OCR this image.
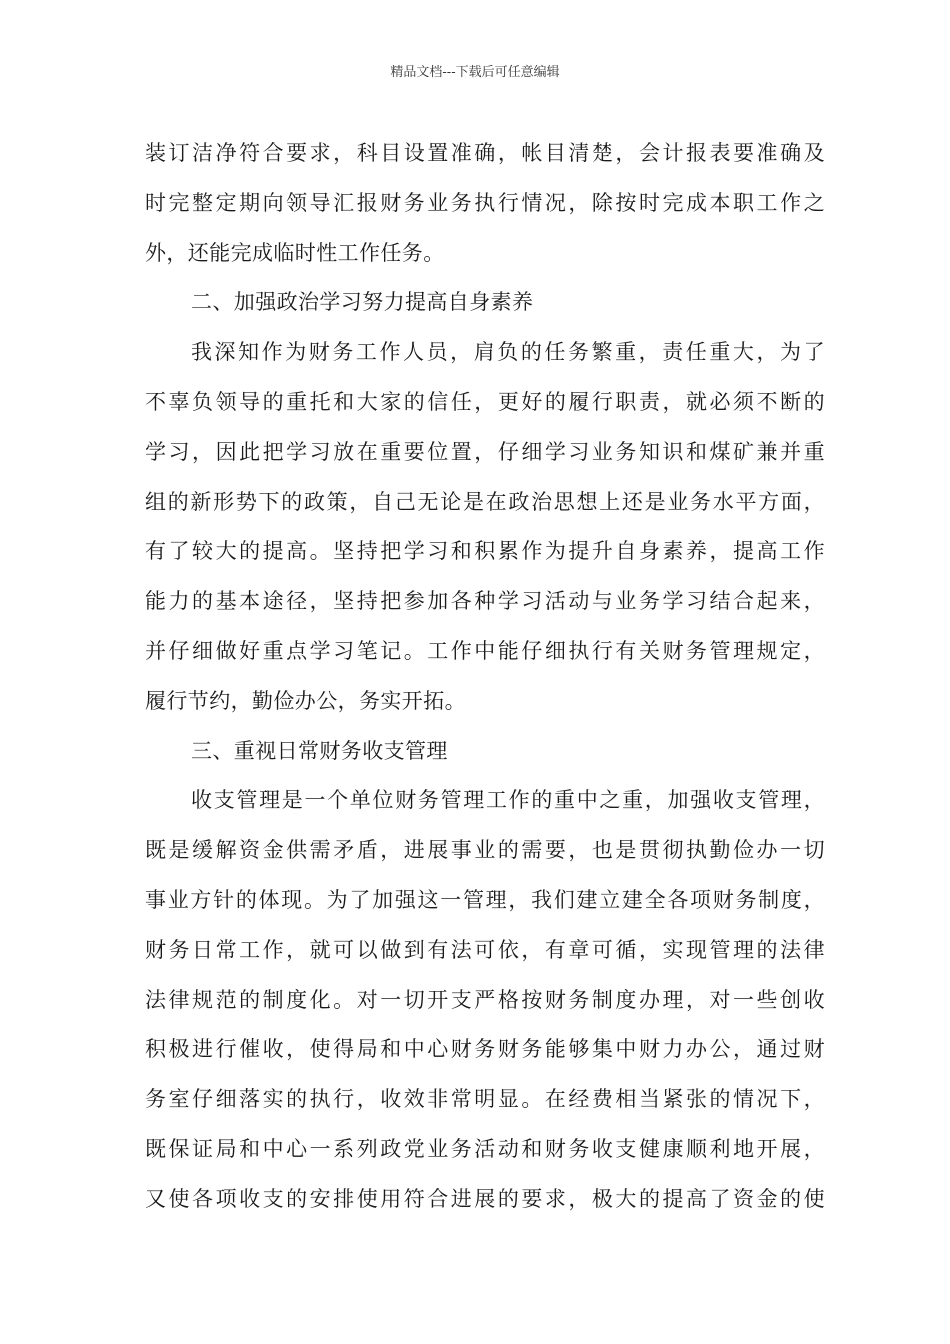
精品文档---下载后可任意编辑
装订洁净符合要求，科目设置准确，帐目清楚，会计报表要准确及
时完整定期向领导汇报财务业务执行情况，除按时完成本职工作之
外，还能完成临时性工作任务。
二、加强政治学习努力提高自身素养
我深知作为财务工作人员，肩负的任务繁重，责任重大，为了
不辜负领导的重托和大家的信任，更好的履行职责，就必须不断的
学习，因此把学习放在重要位置，仔细学习业务知识和煤矿兼并重
组的新形势下的政策，自己无论是在政治思想上还是业务水平方面，
有了较大的提高。坚持把学习和积累作为提升自身素养，提高工作
能力的基本途径，坚持把参加各种学习活动与业务学习结合起来，
并仔细做好重点学习笔记。工作中能仔细执行有关财务管理规定，
履行节约，勤俭办公，务实开拓。
三、重视日常财务收支管理
收支管理是一个单位财务管理工作的重中之重，加强收支管理，
既是缓解资金供需矛盾，进展事业的需要，也是贯彻执勤俭办一切
事业方针的体现。为了加强这一管理，我们建立建全各项财务制度，
财务日常工作，就可以做到有法可依，有章可循，实现管理的法律
法律规范的制度化。对一切开支严格按财务制度办理，对一些创收
积极进行催收，使得局和中心财务财务能够集中财力办公，通过财
务室仔细落实的执行，收效非常明显。在经费相当紧张的情况下，
既保证局和中心一系列政党业务活动和财务收支健康顺利地开展，
又使各项收支的安排使用符合进展的要求，极大的提高了资金的使
